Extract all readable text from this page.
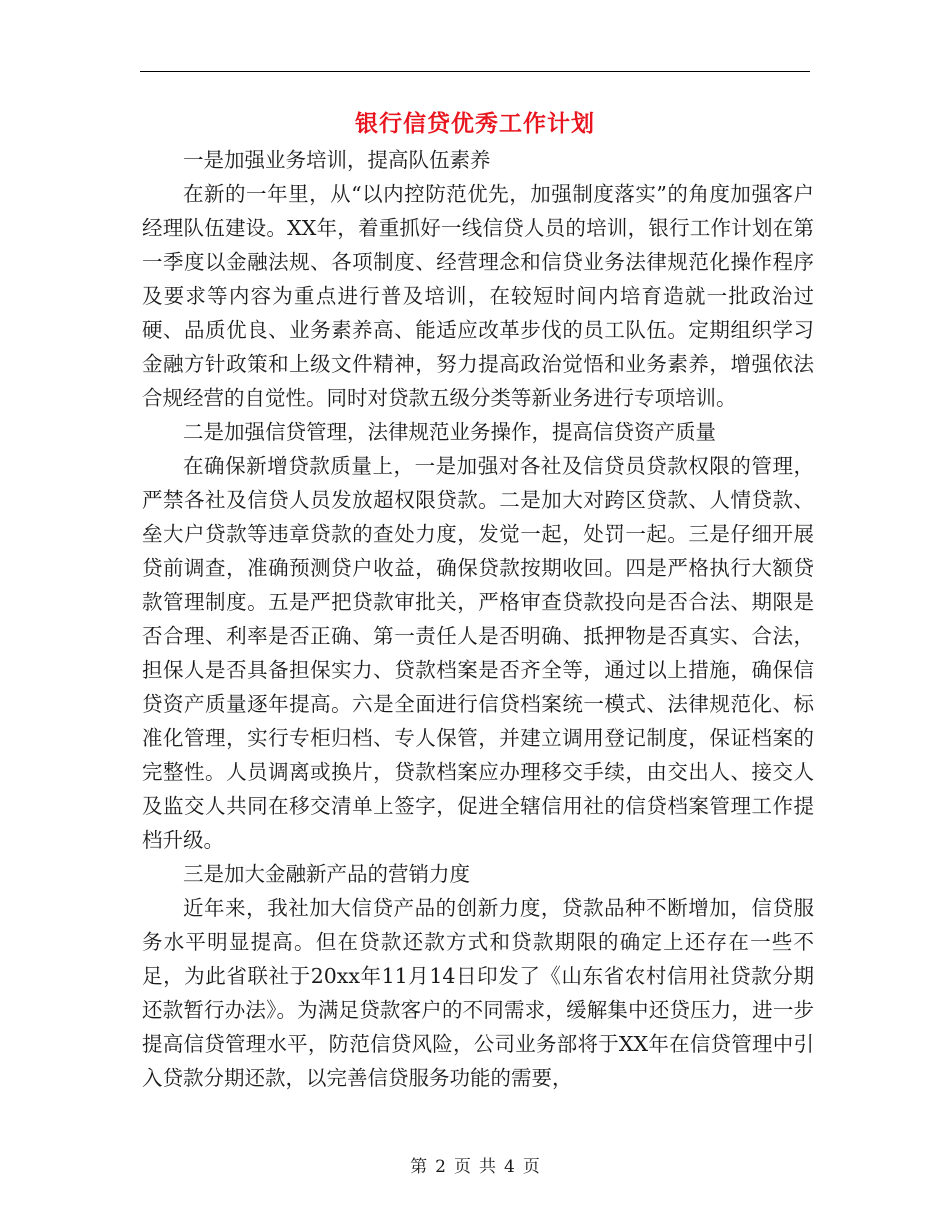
银行信贷优秀工作计划

一是加强业务培训，提高队伍素养

在新的一年里，从“以内控防范优先，加强制度落实”的角度加强客户经理队伍建设。XX年，着重抓好一线信贷人员的培训，银行工作计划在第一季度以金融法规、各项制度、经营理念和信贷业务法律规范化操作程序及要求等内容为重点进行普及培训，在较短时间内培育造就一批政治过硬、品质优良、业务素养高、能适应改革步伐的员工队伍。定期组织学习金融方针政策和上级文件精神，努力提高政治觉悟和业务素养，增强依法合规经营的自觉性。同时对贷款五级分类等新业务进行专项培训。

二是加强信贷管理，法律规范业务操作，提高信贷资产质量

在确保新增贷款质量上，一是加强对各社及信贷员贷款权限的管理，严禁各社及信贷人员发放超权限贷款。二是加大对跨区贷款、人情贷款、垒大户贷款等违章贷款的查处力度，发觉一起，处罚一起。三是仔细开展贷前调查，准确预测贷户收益，确保贷款按期收回。四是严格执行大额贷款管理制度。五是严把贷款审批关，严格审查贷款投向是否合法、期限是否合理、利率是否正确、第一责任人是否明确、抵押物是否真实、合法，担保人是否具备担保实力、贷款档案是否齐全等，通过以上措施，确保信贷资产质量逐年提高。六是全面进行信贷档案统一模式、法律规范化、标准化管理，实行专柜归档、专人保管，并建立调用登记制度，保证档案的完整性。人员调离或换片，贷款档案应办理移交手续，由交出人、接交人及监交人共同在移交清单上签字，促进全辖信用社的信贷档案管理工作提档升级。

三是加大金融新产品的营销力度

近年来，我社加大信贷产品的创新力度，贷款品种不断增加，信贷服务水平明显提高。但在贷款还款方式和贷款期限的确定上还存在一些不足，为此省联社于20xx年11月14日印发了《山东省农村信用社贷款分期还款暂行办法》。为满足贷款客户的不同需求，缓解集中还贷压力，进一步提高信贷管理水平，防范信贷风险，公司业务部将于XX年在信贷管理中引入贷款分期还款，以完善信贷服务功能的需要，

第 2 页 共 4 页
